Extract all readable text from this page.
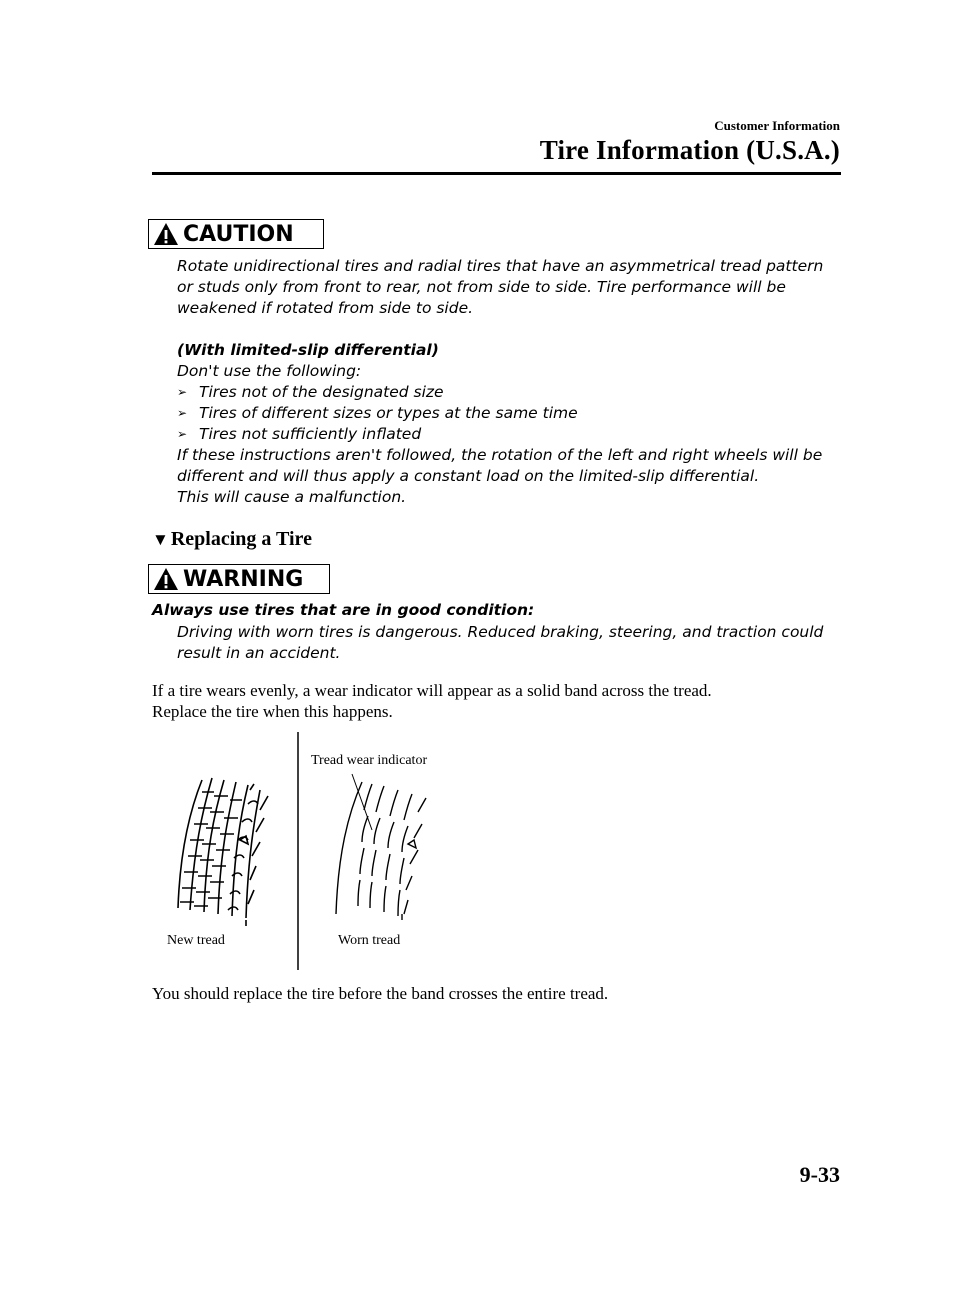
Customer Information
Tire Information (U.S.A.)
CAUTION
Rotate unidirectional tires and radial tires that have an asymmetrical tread pattern
or studs only from front to rear, not from side to side. Tire performance will be
weakened if rotated from side to side.
(With limited-slip differential)
Don't use the following:
➢ Tires not of the designated size
➢ Tires of different sizes or types at the same time
➢ Tires not sufficiently inflated
If these instructions aren't followed, the rotation of the left and right wheels will be
different and will thus apply a constant load on the limited-slip differential.
This will cause a malfunction.
▼ Replacing a Tire
WARNING
Always use tires that are in good condition:
Driving with worn tires is dangerous. Reduced braking, steering, and traction could
result in an accident.
If a tire wears evenly, a wear indicator will appear as a solid band across the tread.
Replace the tire when this happens.
Tread wear indicator
New tread	Worn tread
You should replace the tire before the band crosses the entire tread.
9-33
